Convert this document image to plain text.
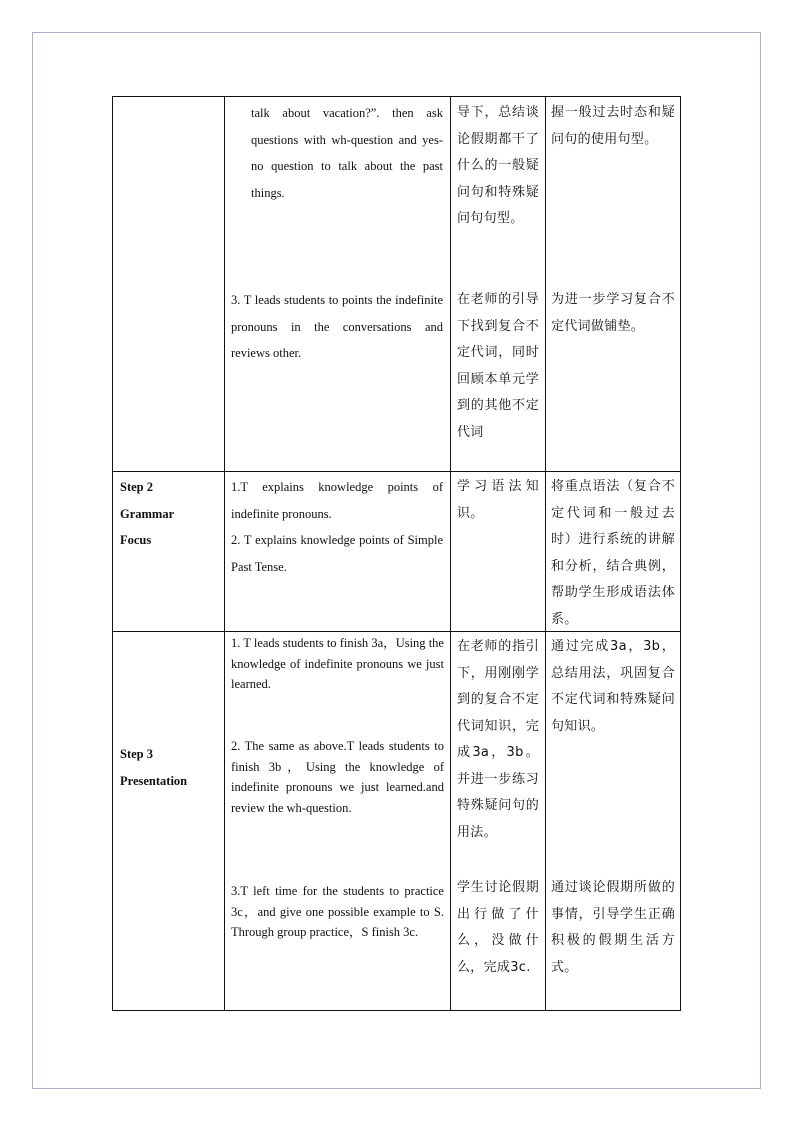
talk about vacation?”. then ask questions with wh-question and yes-no question to talk about the past things.
导下，总结谈论假期都干了什么的一般疑问句和特殊疑问句句型。
握一般过去时态和疑问句的使用句型。
3. T leads students to points the indefinite pronouns in the conversations and reviews other.
在老师的引导下找到复合不定代词，同时回顾本单元学到的其他不定代词
为进一步学习复合不定代词做铺垫。

Step 2

Grammar

Focus

1.T explains knowledge points of indefinite pronouns.

2. T explains knowledge points of Simple Past Tense.

学习语法知识。
将重点语法（复合不定代词和一般过去时）进行系统的讲解和分析，结合典例，帮助学生形成语法体系。

Step 3

Presentation

1. T leads students to finish 3a，Using the knowledge of indefinite pronouns we just learned.
2. The same as above.T leads students to finish 3b，Using the knowledge of indefinite pronouns we just learned.and review the wh-question.
3.T left time for the students to practice 3c，and give one possible example to S. Through group practice，S finish 3c.
在老师的指引下，用刚刚学到的复合不定代词知识，完成3a，3b。并进一步练习特殊疑问句的用法。
学生讨论假期出行做了什么，没做什么，完成3c.
通过完成3a，3b，总结用法，巩固复合不定代词和特殊疑问句知识。
通过谈论假期所做的事情，引导学生正确积极的假期生活方式。
